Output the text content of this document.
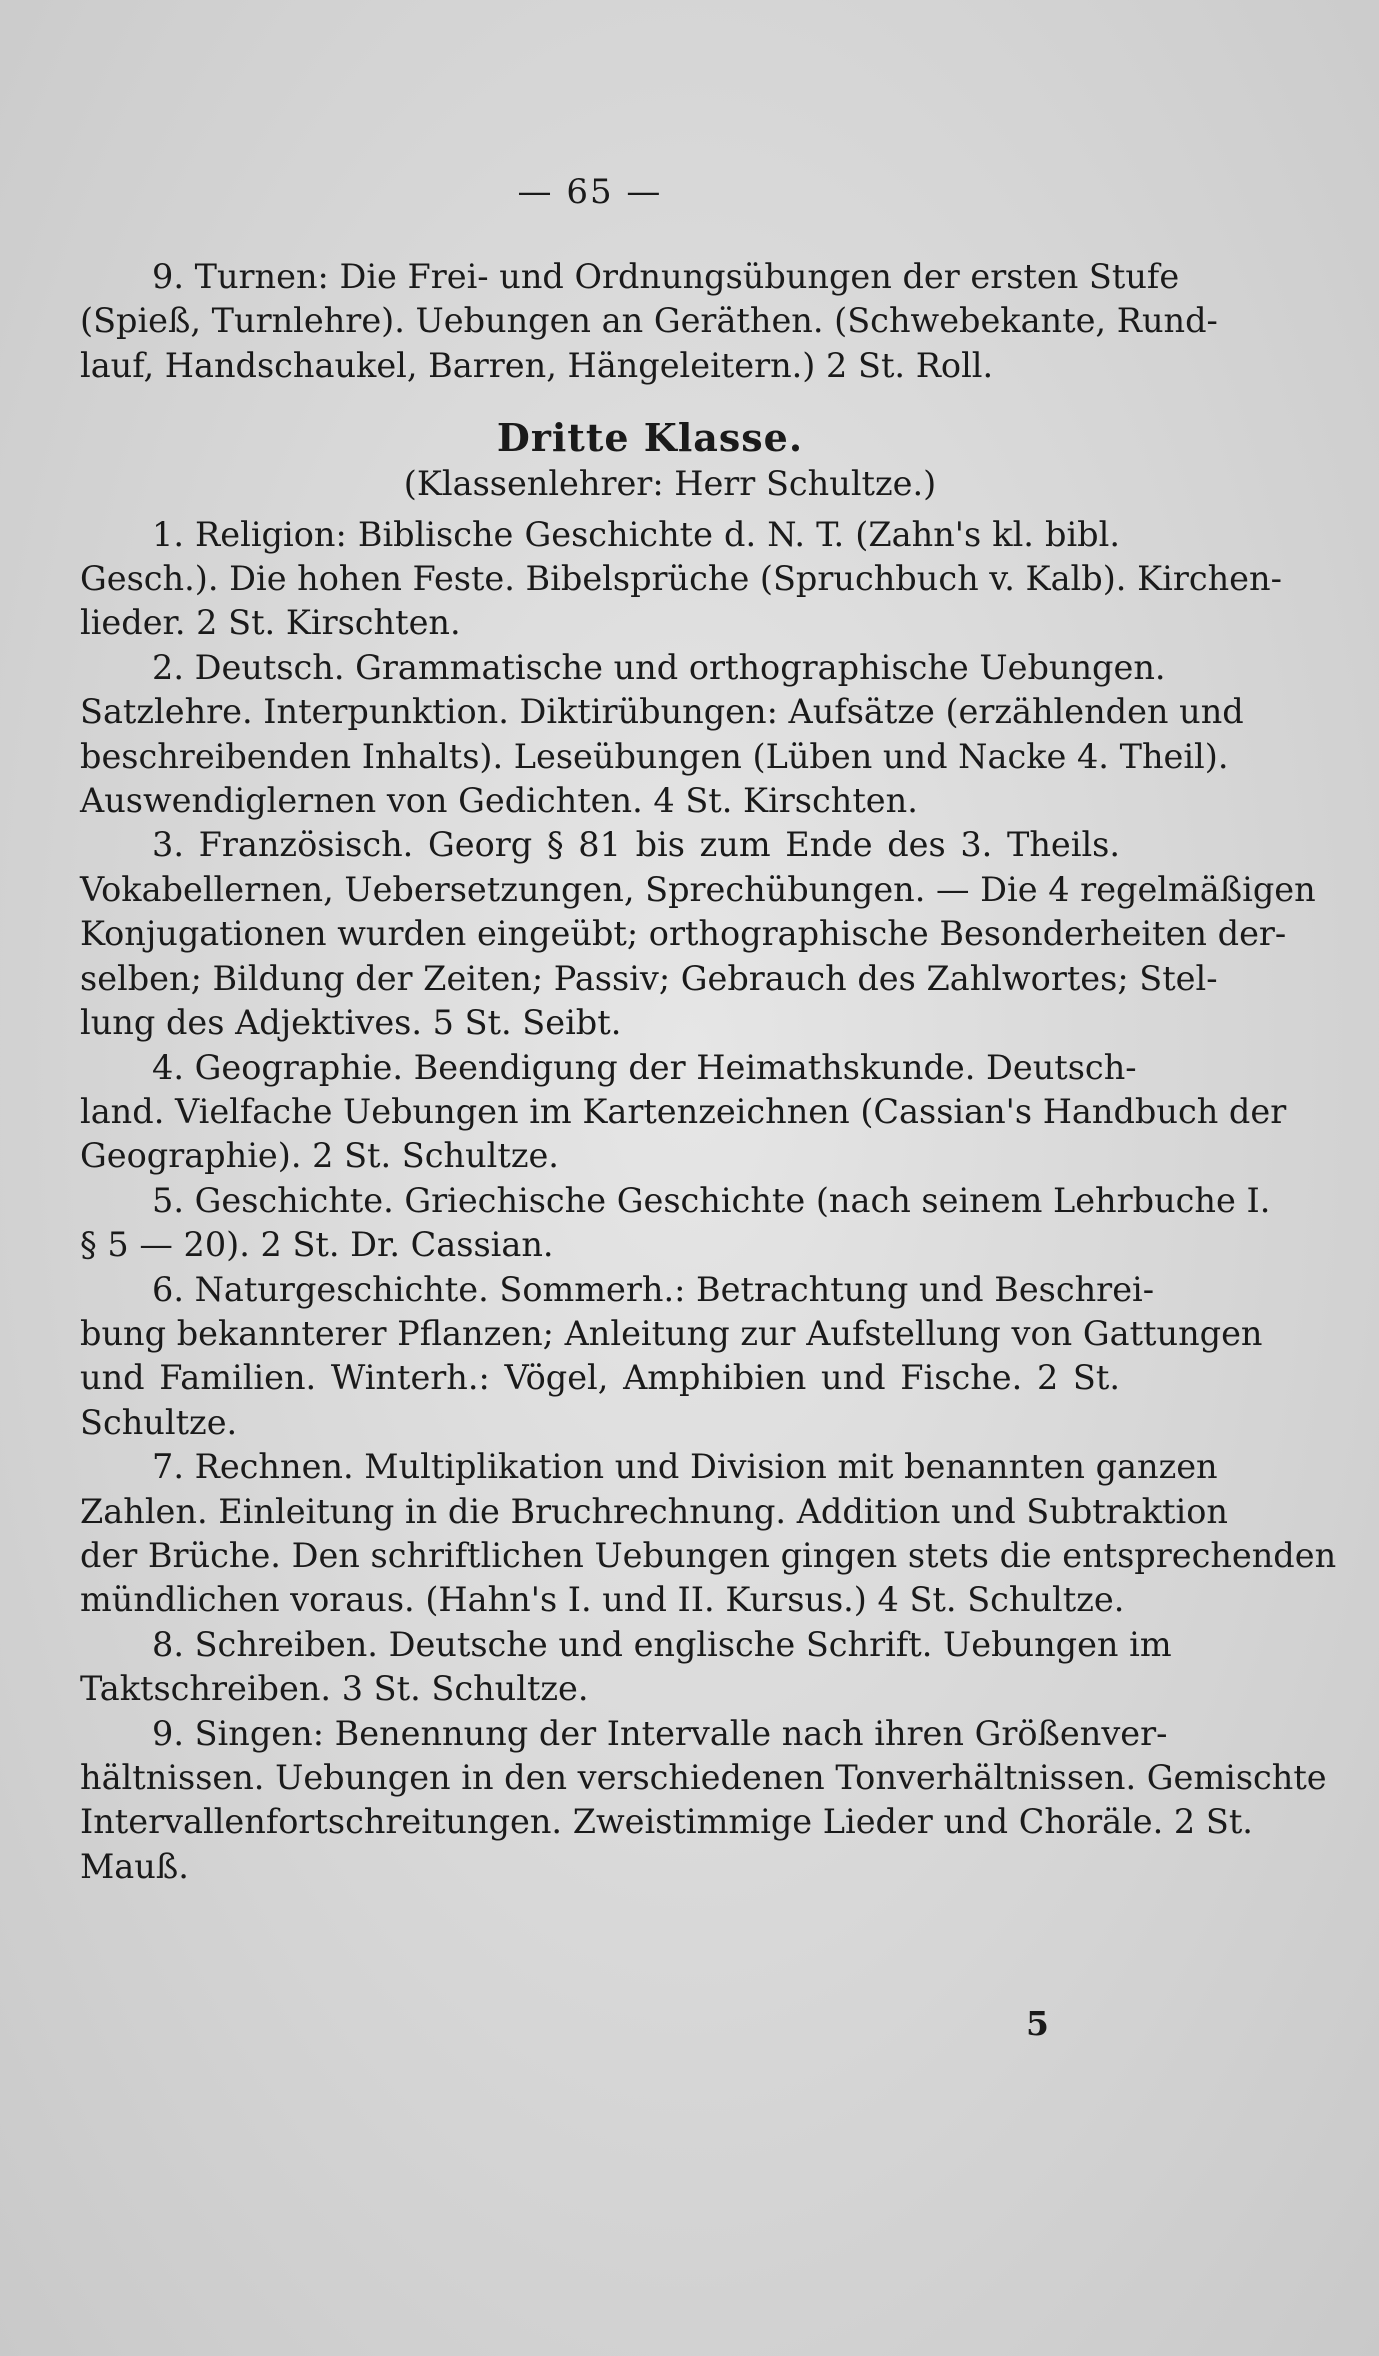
— 65 —
9. Turnen: Die Frei- und Ordnungsübungen der ersten Stufe
(Spieß, Turnlehre). Uebungen an Geräthen. (Schwebekante, Rund-
lauf, Handschaukel, Barren, Hängeleitern.) 2 St. Roll.
Dritte Klasse.
(Klassenlehrer: Herr Schultze.)
1. Religion: Biblische Geschichte d. N. T. (Zahn's kl. bibl.
Gesch.). Die hohen Feste. Bibelsprüche (Spruchbuch v. Kalb). Kirchen-
lieder. 2 St. Kirschten.
2. Deutsch. Grammatische und orthographische Uebungen.
Satzlehre. Interpunktion. Diktirübungen: Aufsätze (erzählenden und
beschreibenden Inhalts). Leseübungen (Lüben und Nacke 4. Theil).
Auswendiglernen von Gedichten. 4 St. Kirschten.
3. Französisch. Georg § 81 bis zum Ende des 3. Theils.
Vokabellernen, Uebersetzungen, Sprechübungen. — Die 4 regelmäßigen
Konjugationen wurden eingeübt; orthographische Besonderheiten der-
selben; Bildung der Zeiten; Passiv; Gebrauch des Zahlwortes; Stel-
lung des Adjektives. 5 St. Seibt.
4. Geographie. Beendigung der Heimathskunde. Deutsch-
land. Vielfache Uebungen im Kartenzeichnen (Cassian's Handbuch der
Geographie). 2 St. Schultze.
5. Geschichte. Griechische Geschichte (nach seinem Lehrbuche I.
§ 5 — 20). 2 St. Dr. Cassian.
6. Naturgeschichte. Sommerh.: Betrachtung und Beschrei-
bung bekannterer Pflanzen; Anleitung zur Aufstellung von Gattungen
und Familien. Winterh.: Vögel, Amphibien und Fische. 2 St.
Schultze.
7. Rechnen. Multiplikation und Division mit benannten ganzen
Zahlen. Einleitung in die Bruchrechnung. Addition und Subtraktion
der Brüche. Den schriftlichen Uebungen gingen stets die entsprechenden
mündlichen voraus. (Hahn's I. und II. Kursus.) 4 St. Schultze.
8. Schreiben. Deutsche und englische Schrift. Uebungen im
Taktschreiben. 3 St. Schultze.
9. Singen: Benennung der Intervalle nach ihren Größenver-
hältnissen. Uebungen in den verschiedenen Tonverhältnissen. Gemischte
Intervallenfortschreitungen. Zweistimmige Lieder und Choräle. 2 St.
Mauß.
5
